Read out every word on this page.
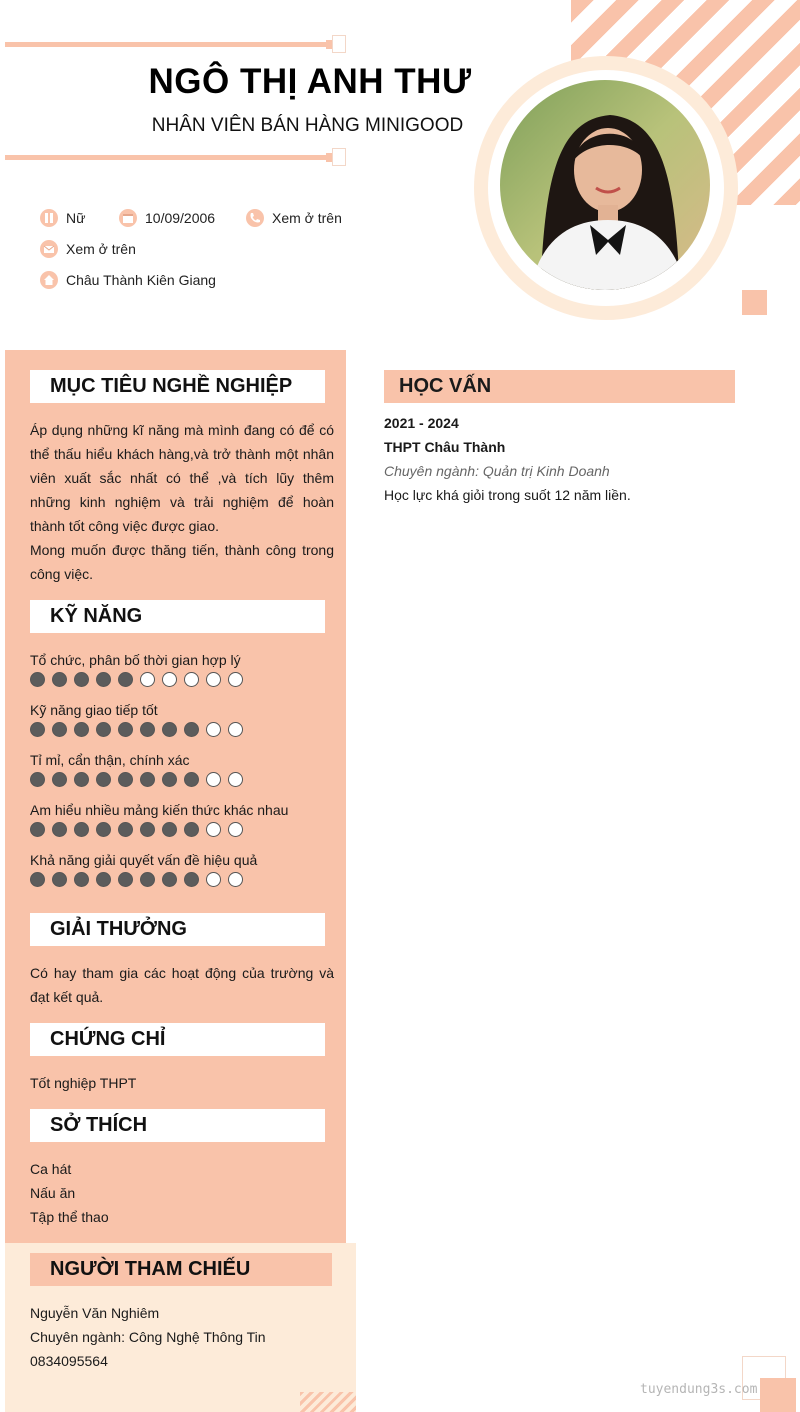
NGÔ THỊ ANH THƯ
NHÂN VIÊN BÁN HÀNG MINIGOOD
Nữ	10/09/2006	Xem ở trên
Xem ở trên
Châu Thành Kiên Giang
MỤC TIÊU NGHỀ NGHIỆP
Áp dụng những kĩ năng mà mình đang có để có thể thấu hiểu khách hàng,và trở thành một nhân viên xuất sắc nhất có thể ,và tích lũy thêm những kinh nghiệm và trải nghiệm để hoàn thành tốt công việc được giao.
Mong muốn được thăng tiến, thành công trong công việc.
KỸ NĂNG
Tổ chức, phân bố thời gian hợp lý
Kỹ năng giao tiếp tốt
Tỉ mỉ, cẩn thận, chính xác
Am hiểu nhiều mảng kiến thức khác nhau
Khả năng giải quyết vấn đề hiệu quả
GIẢI THƯỞNG
Có hay tham gia các hoạt động của trường và đạt kết quả.
CHỨNG CHỈ
Tốt nghiệp THPT
SỞ THÍCH
Ca hát
Nấu ăn
Tập thể thao
NGƯỜI THAM CHIẾU
Nguyễn Văn Nghiêm
Chuyên ngành: Công Nghệ Thông Tin
0834095564
HỌC VẤN
2021 - 2024
THPT Châu Thành
Chuyên ngành: Quản trị Kinh Doanh
Học lực khá giỏi trong suốt 12 năm liền.
tuyendung3s.com
